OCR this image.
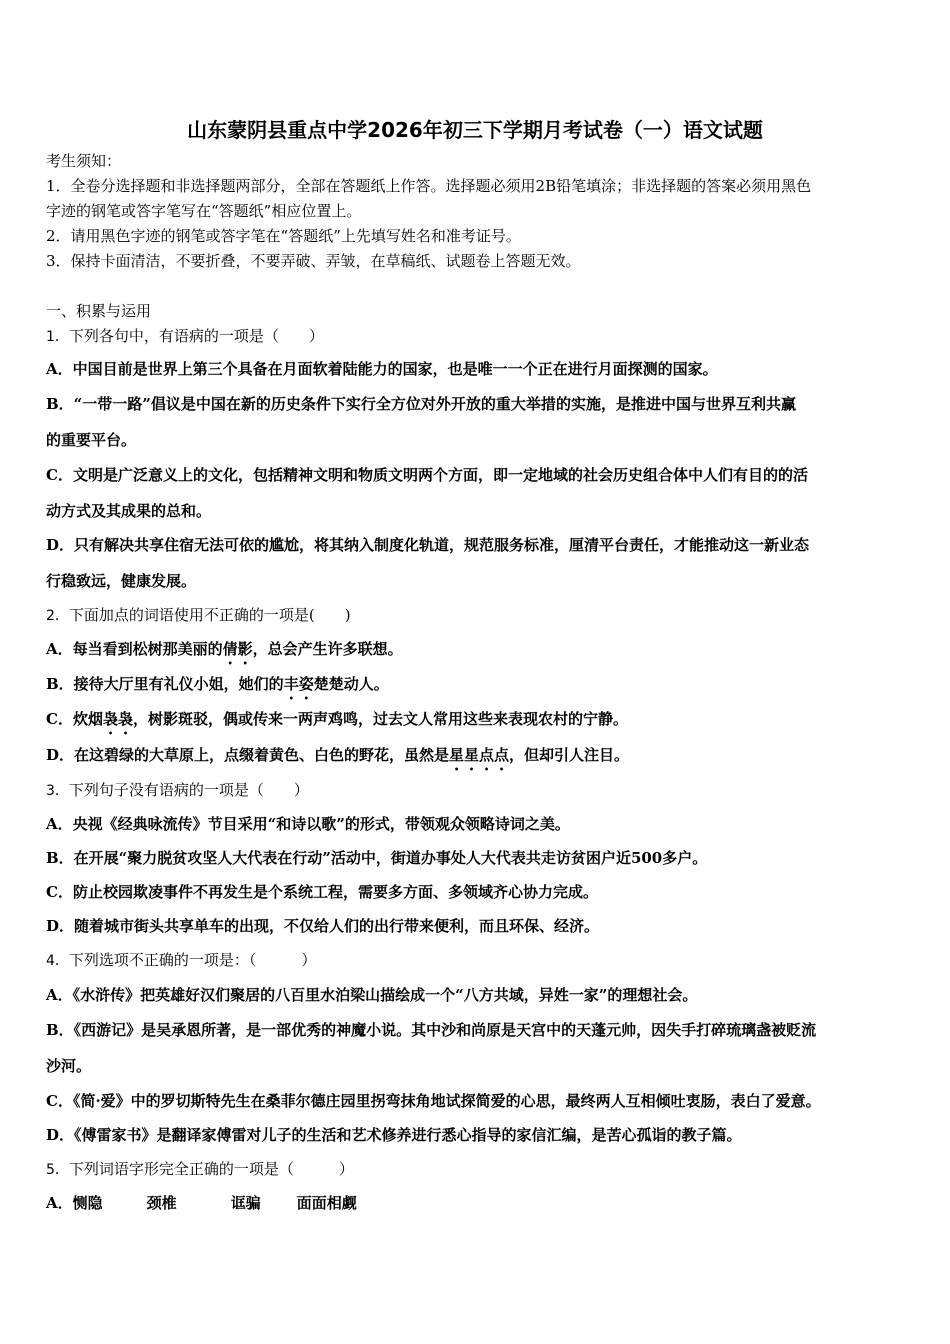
山东蒙阴县重点中学2026年初三下学期月考试卷（一）语文试题
考生须知：
1．全卷分选择题和非选择题两部分，全部在答题纸上作答。选择题必须用2B铅笔填涂；非选择题的答案必须用黑色
字迹的钢笔或答字笔写在“答题纸”相应位置上。
2．请用黑色字迹的钢笔或答字笔在“答题纸”上先填写姓名和准考证号。
3．保持卡面清洁，不要折叠，不要弄破、弄皱，在草稿纸、试题卷上答题无效。
一、积累与运用
1．下列各句中，有语病的一项是（　　）
A．中国目前是世界上第三个具备在月面软着陆能力的国家，也是唯一一个正在进行月面探测的国家。
B．“一带一路”倡议是中国在新的历史条件下实行全方位对外开放的重大举措的实施，是推进中国与世界互利共赢
的重要平台。
C．文明是广泛意义上的文化，包括精神文明和物质文明两个方面，即一定地域的社会历史组合体中人们有目的的活
动方式及其成果的总和。
D．只有解决共享住宿无法可依的尴尬，将其纳入制度化轨道，规范服务标准，厘清平台责任，才能推动这一新业态
行稳致远，健康发展。
2．下面加点的词语使用不正确的一项是(　　)
A．每当看到松树那美丽的倩影，总会产生许多联想。
B．接待大厅里有礼仪小姐，她们的丰姿楚楚动人。
C．炊烟袅袅，树影斑驳，偶或传来一两声鸡鸣，过去文人常用这些来表现农村的宁静。
D．在这碧绿的大草原上，点缀着黄色、白色的野花，虽然是星星点点，但却引人注目。
3．下列句子没有语病的一项是（　　）
A．央视《经典咏流传》节目采用“和诗以歌”的形式，带领观众领略诗词之美。
B．在开展“聚力脱贫攻坚人大代表在行动”活动中，街道办事处人大代表共走访贫困户近500多户。
C．防止校园欺凌事件不再发生是个系统工程，需要多方面、多领域齐心协力完成。
D．随着城市街头共享单车的出现，不仅给人们的出行带来便利，而且环保、经济。
4．下列选项不正确的一项是：（　　　）
A．《水浒传》把英雄好汉们聚居的八百里水泊梁山描绘成一个“八方共域，异姓一家”的理想社会。
B．《西游记》是吴承恩所著，是一部优秀的神魔小说。其中沙和尚原是天宫中的天蓬元帅，因失手打碎琉璃盏被贬流
沙河。
C．《简·爱》中的罗切斯特先生在桑菲尔德庄园里拐弯抹角地试探简爱的心思，最终两人互相倾吐衷肠，表白了爱意。
D．《傅雷家书》是翻译家傅雷对儿子的生活和艺术修养进行悉心指导的家信汇编，是苦心孤诣的教子篇。
5．下列词语字形完全正确的一项是（　　　）
A．恻隐	颈椎	诓骗 面面相觑
